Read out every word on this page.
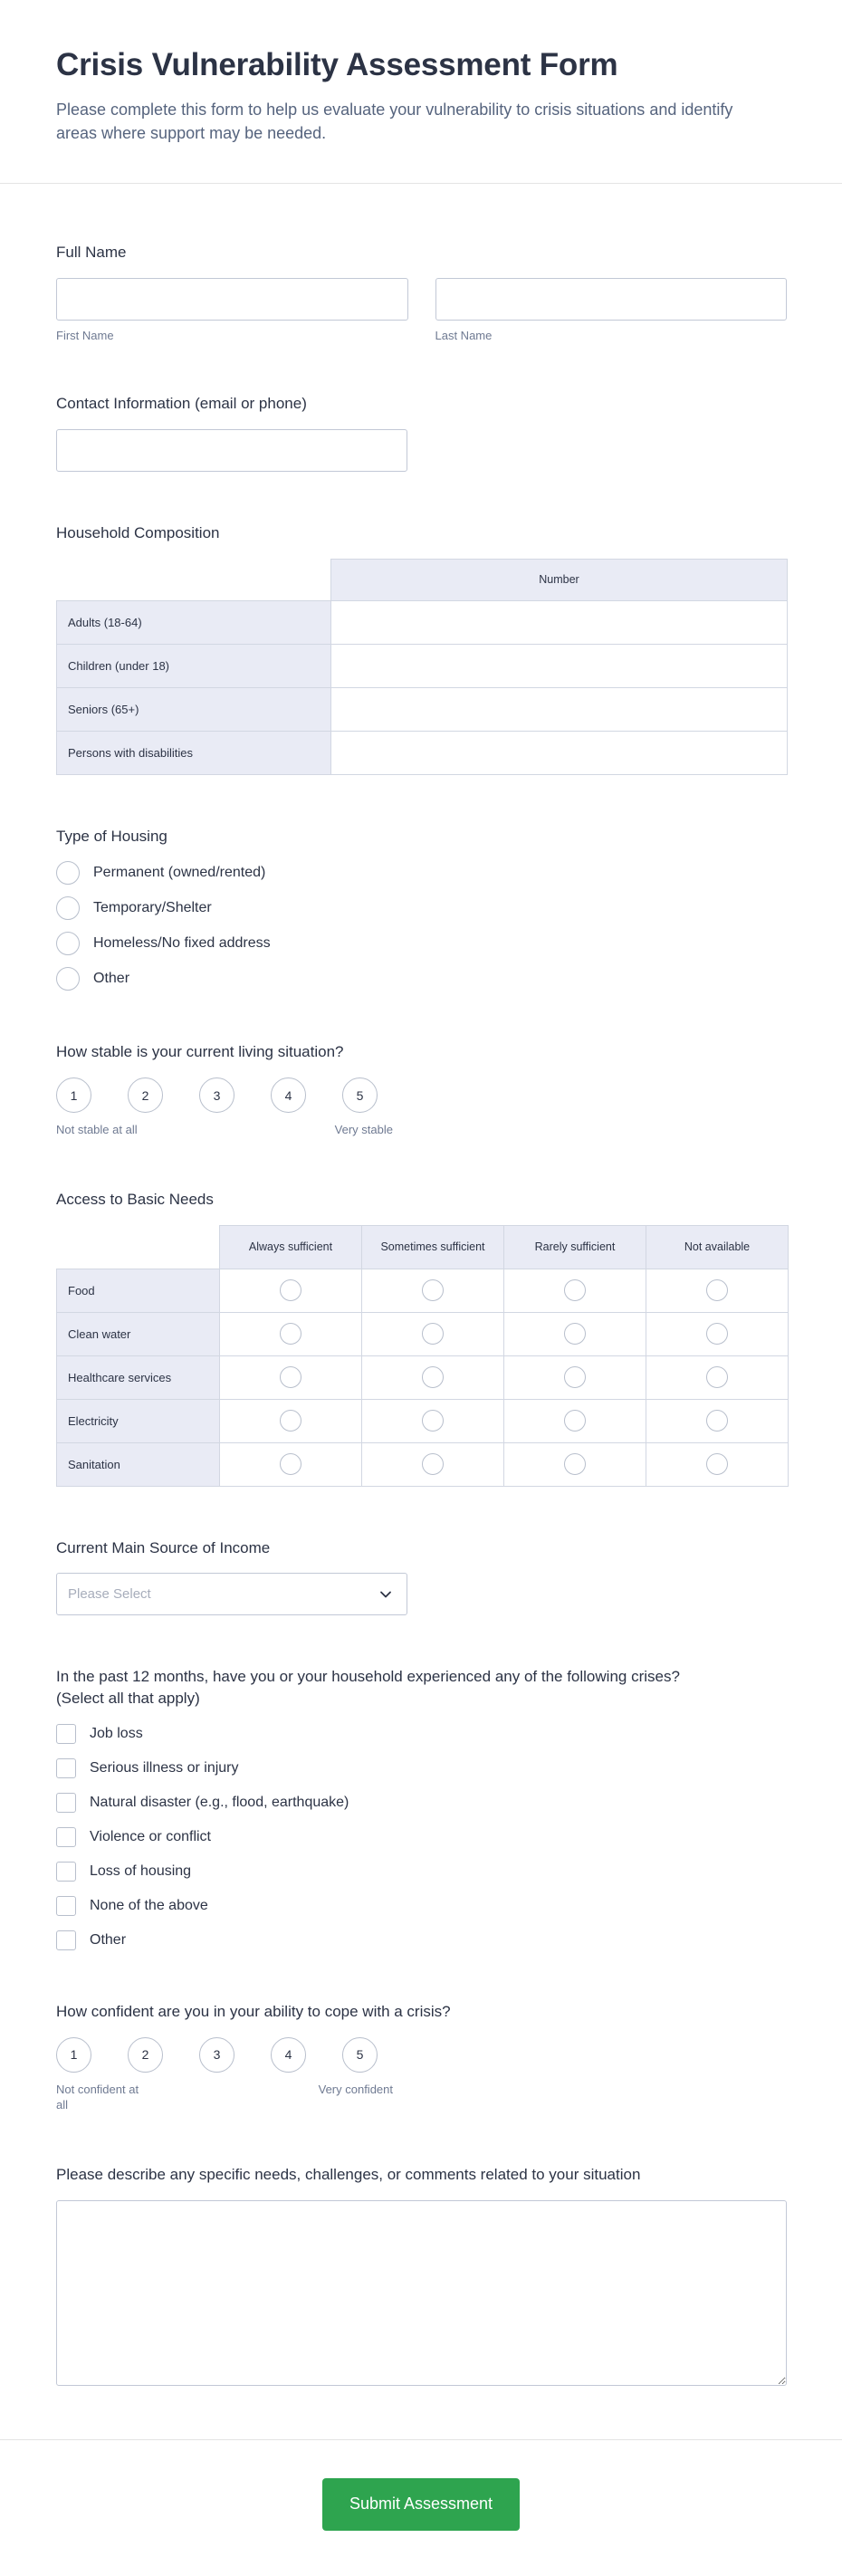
Crisis Vulnerability Assessment Form
Please complete this form to help us evaluate your vulnerability to crisis situations and identify areas where support may be needed.
Full Name
First Name	Last Name
Contact Information (email or phone)
Household Composition
	Number
Adults (18-64)	
Children (under 18)	
Seniors (65+)	
Persons with disabilities	
Type of Housing
Permanent (owned/rented)
Temporary/Shelter
Homeless/No fixed address
Other
How stable is your current living situation?
1	2	3	4	5
Not stable at all	Very stable
Access to Basic Needs
	Always sufficient	Sometimes sufficient	Rarely sufficient	Not available
Food	

Clean water	

Healthcare services	

Electricity	

Sanitation	

Current Main Source of Income
Please Select
In the past 12 months, have you or your household experienced any of the following crises? (Select all that apply)
Job loss
Serious illness or injury
Natural disaster (e.g., flood, earthquake)
Violence or conflict
Loss of housing
None of the above
Other
How confident are you in your ability to cope with a crisis?
1	2	3	4	5
Not confident at all
Very confident
Please describe any specific needs, challenges, or comments related to your situation
Submit Assessment
